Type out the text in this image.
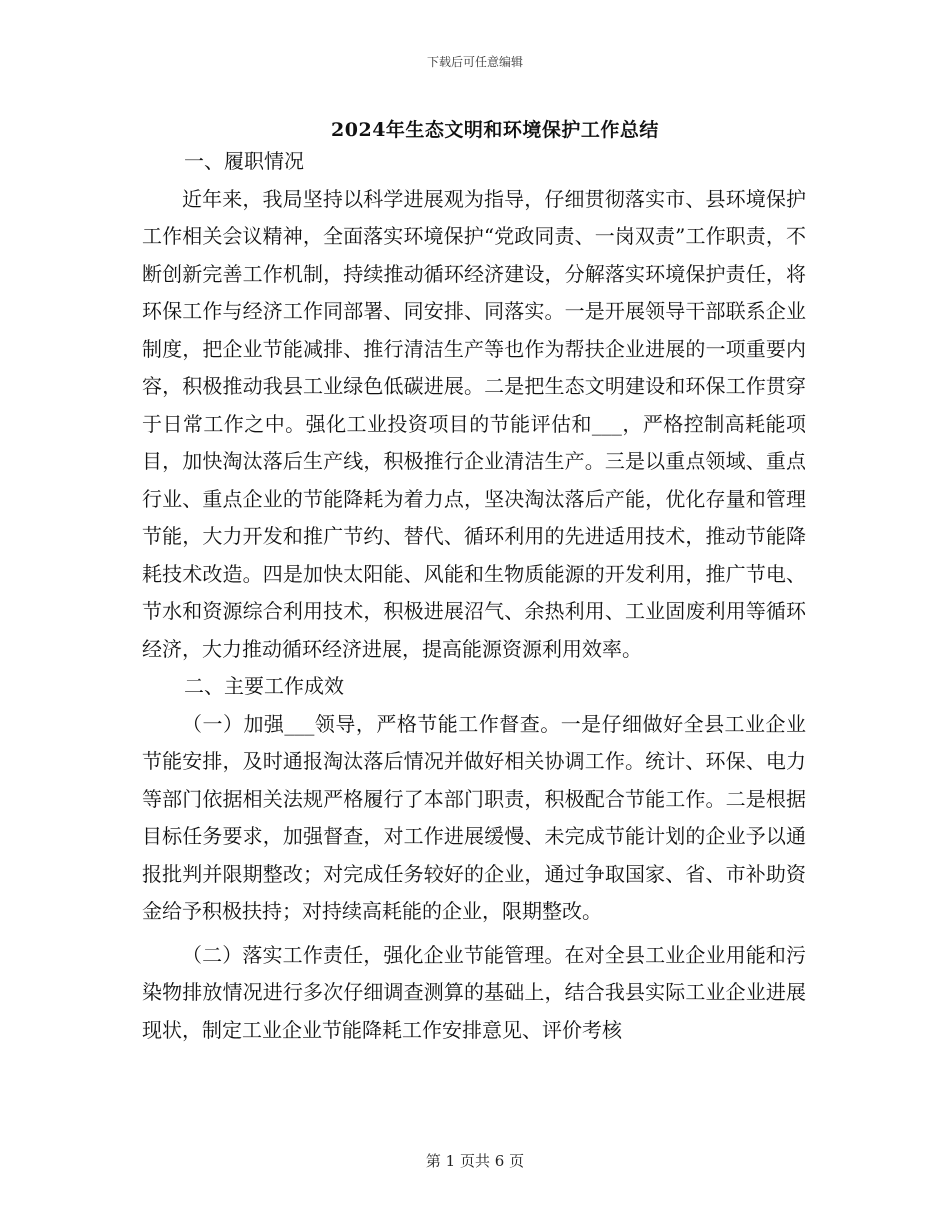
下载后可任意编辑
2024年生态文明和环境保护工作总结

一、履职情况

近年来，我局坚持以科学进展观为指导，仔细贯彻落实市、县环境保护工作相关会议精神，全面落实环境保护“党政同责、一岗双责”工作职责，不断创新完善工作机制，持续推动循环经济建设，分解落实环境保护责任，将环保工作与经济工作同部署、同安排、同落实。一是开展领导干部联系企业制度，把企业节能减排、推行清洁生产等也作为帮扶企业进展的一项重要内容，积极推动我县工业绿色低碳进展。二是把生态文明建设和环保工作贯穿于日常工作之中。强化工业投资项目的节能评估和___，严格控制高耗能项目，加快淘汰落后生产线，积极推行企业清洁生产。三是以重点领域、重点行业、重点企业的节能降耗为着力点，坚决淘汰落后产能，优化存量和管理节能，大力开发和推广节约、替代、循环利用的先进适用技术，推动节能降耗技术改造。四是加快太阳能、风能和生物质能源的开发利用，推广节电、节水和资源综合利用技术，积极进展沼气、余热利用、工业固废利用等循环经济，大力推动循环经济进展，提高能源资源利用效率。

二、主要工作成效

（一）加强___领导，严格节能工作督查。一是仔细做好全县工业企业节能安排，及时通报淘汰落后情况并做好相关协调工作。统计、环保、电力等部门依据相关法规严格履行了本部门职责，积极配合节能工作。二是根据目标任务要求，加强督查，对工作进展缓慢、未完成节能计划的企业予以通报批判并限期整改；对完成任务较好的企业，通过争取国家、省、市补助资金给予积极扶持；对持续高耗能的企业，限期整改。

（二）落实工作责任，强化企业节能管理。在对全县工业企业用能和污染物排放情况进行多次仔细调查测算的基础上，结合我县实际工业企业进展现状，制定工业企业节能降耗工作安排意见、评价考核

第 1 页共 6 页
